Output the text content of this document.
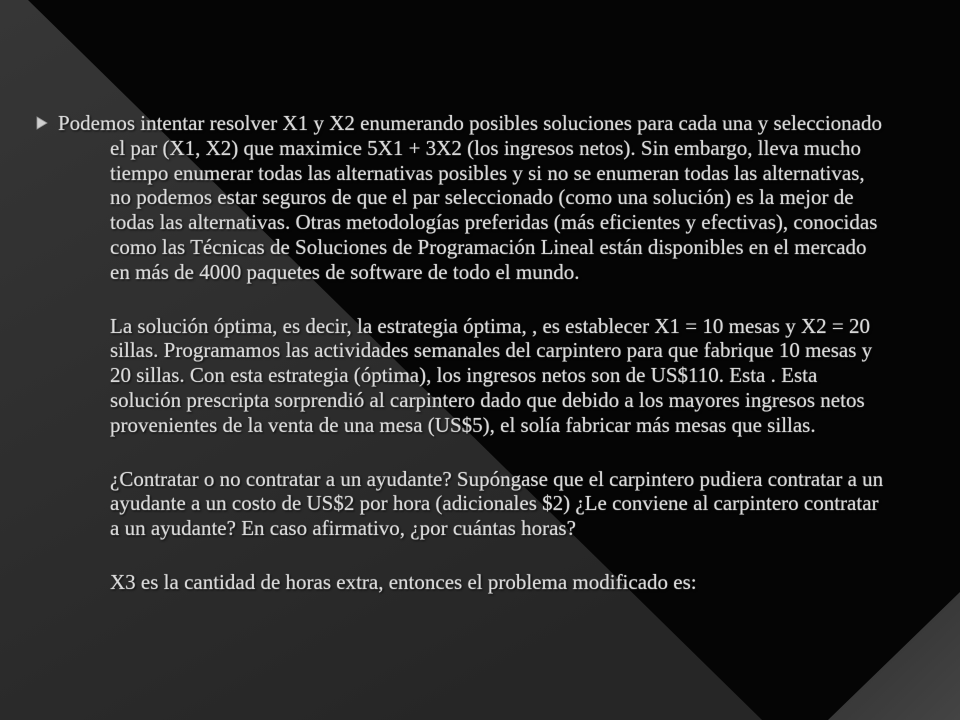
Podemos intentar resolver X1 y X2 enumerando posibles soluciones para cada una y seleccionado
el par (X1, X2) que maximice 5X1 + 3X2 (los ingresos netos). Sin embargo, lleva mucho
tiempo enumerar todas las alternativas posibles y si no se enumeran todas las alternativas,
no podemos estar seguros de que el par seleccionado (como una solución) es la mejor de
todas las alternativas. Otras metodologías preferidas (más eficientes y efectivas), conocidas
como las Técnicas de Soluciones de Programación Lineal están disponibles en el mercado
en más de 4000 paquetes de software de todo el mundo.
La solución óptima, es decir, la estrategia óptima, , es establecer X1 = 10 mesas y X2 = 20
sillas. Programamos las actividades semanales del carpintero para que fabrique 10 mesas y
20 sillas. Con esta estrategia (óptima), los ingresos netos son de US$110. Esta . Esta
solución prescripta sorprendió al carpintero dado que debido a los mayores ingresos netos
provenientes de la venta de una mesa (US$5), el solía fabricar más mesas que sillas.
¿Contratar o no contratar a un ayudante? Supóngase que el carpintero pudiera contratar a un
ayudante a un costo de US$2 por hora (adicionales $2) ¿Le conviene al carpintero contratar
a un ayudante? En caso afirmativo, ¿por cuántas horas?
X3 es la cantidad de horas extra, entonces el problema modificado es:
